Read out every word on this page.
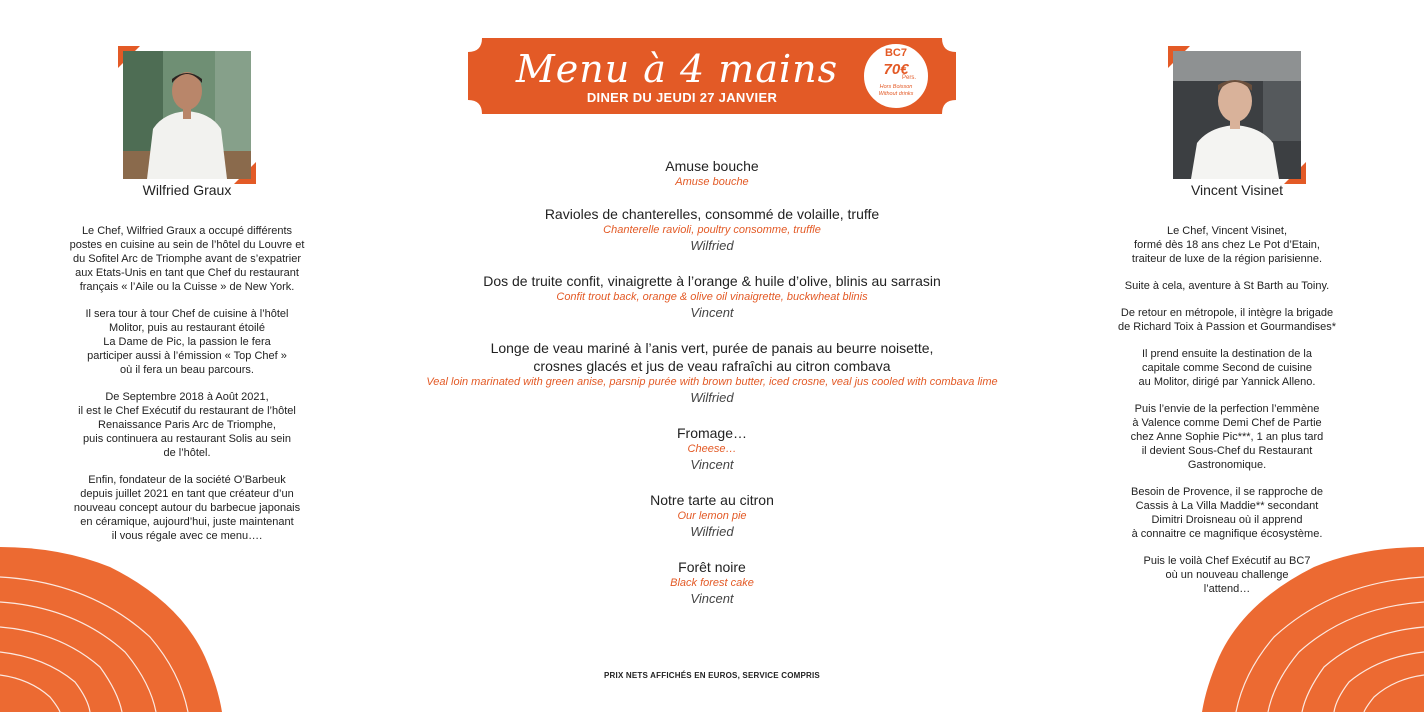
Menu à 4 mains
DINER DU JEUDI 27 JANVIER
BC7
70€
Pers.
Hors Boisson
Without drinks
Wilfried Graux

Le Chef, Wilfried Graux a occupé différents
postes en cuisine au sein de l’hôtel du Louvre et
du Sofitel Arc de Triomphe avant de s’expatrier
aux Etats-Unis en tant que Chef du restaurant
français « l’Aile ou la Cuisse » de New York.

Il sera tour à tour Chef de cuisine à l’hôtel
Molitor, puis au restaurant étoilé
La Dame de Pic, la passion le fera
participer aussi à l’émission « Top Chef »
où il fera un beau parcours.

De Septembre 2018 à Août 2021,
il est le Chef Exécutif du restaurant de l’hôtel
Renaissance Paris Arc de Triomphe,
puis continuera au restaurant Solis au sein
de l’hôtel.

Enfin, fondateur de la société O’Barbeuk
depuis juillet 2021 en tant que créateur d’un
nouveau concept autour du barbecue japonais
en céramique, aujourd’hui, juste maintenant
il vous régale avec ce menu….

Vincent Visinet

Le Chef, Vincent Visinet,
formé dès 18 ans chez Le Pot d’Etain,
traiteur de luxe de la région parisienne.

Suite à cela, aventure à St Barth au Toiny.

De retour en métropole, il intègre la brigade
de Richard Toix à Passion et Gourmandises*

Il prend ensuite la destination de la
capitale comme Second de cuisine
au Molitor, dirigé par Yannick Alleno.

Puis l’envie de la perfection l’emmène
à Valence comme Demi Chef de Partie
chez Anne Sophie Pic***, 1 an plus tard
il devient Sous-Chef du Restaurant
Gastronomique.

Besoin de Provence, il se rapproche de
Cassis à La Villa Maddie** secondant
Dimitri Droisneau où il apprend
à connaitre ce magnifique écosystème.

Puis le voilà Chef Exécutif au BC7
où un nouveau challenge
l’attend…

Amuse bouche
Amuse bouche
Ravioles de chanterelles, consommé de volaille, truffe
Chanterelle ravioli, poultry consomme, truffle
Wilfried
Dos de truite confit, vinaigrette à l’orange & huile d’olive, blinis au sarrasin
Confit trout back, orange & olive oil vinaigrette, buckwheat blinis
Vincent
Longe de veau mariné à l’anis vert, purée de panais au beurre noisette,
crosnes glacés et jus de veau rafraîchi au citron combava
Veal loin marinated with green anise, parsnip purée with brown butter, iced crosne, veal jus cooled with combava lime
Wilfried
Fromage…
Cheese…
Vincent
Notre tarte au citron
Our lemon pie
Wilfried
Forêt noire
Black forest cake
Vincent
PRIX NETS AFFICHÉS EN EUROS, SERVICE COMPRIS
